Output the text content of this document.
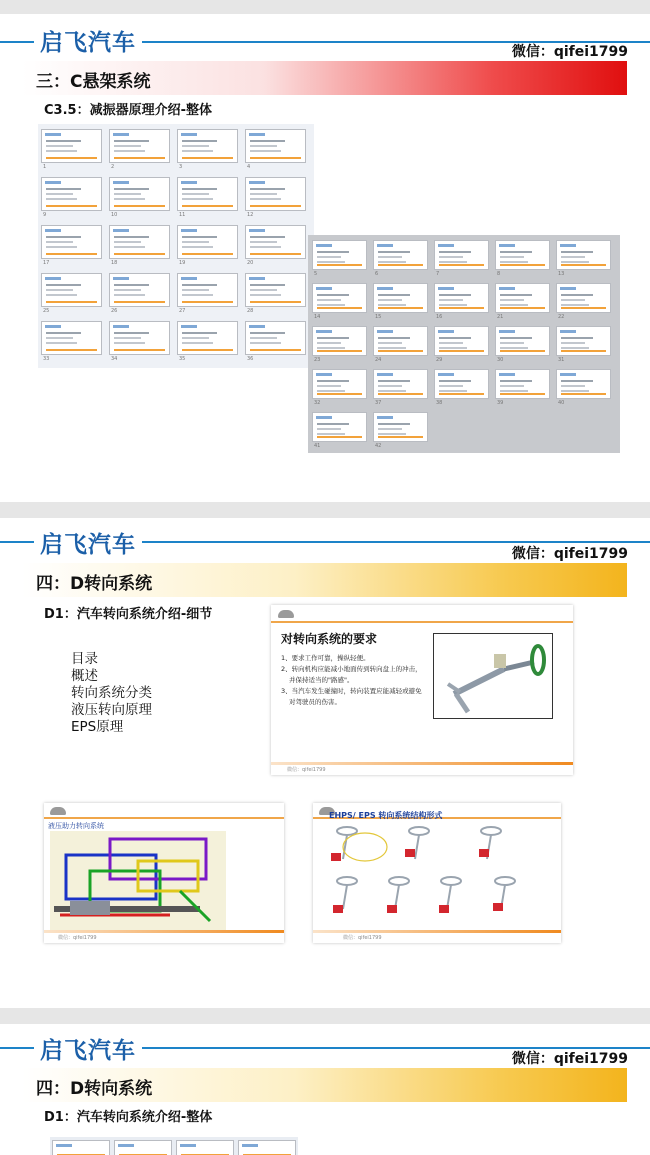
启飞汽车	微信：qifei1799
三：C悬架系统
C3.5：减振器原理介绍-整体
1	2	3	4
9	10	11	12
17	18	19	20
25	26	27	28
33	34	35	36
5	6	7	8	13
14	15	16	21	22
23	24	29	30	31
32	37	38	39	40
41	42
启飞汽车	微信：qifei1799
四：D转向系统
D1：汽车转向系统介绍-细节
目录
概述
转向系统分类
液压转向原理
EPS原理
对转向系统的要求
1、要求工作可靠，操纵轻便。
2、转向机构应能减小地面传到转向盘上的冲击，
并保持适当的"路感"。
3、当汽车发生碰撞时，转向装置应能减轻或避免
对驾驶员的伤害。
微信：qifei1799
液压助力转向系统
微信：qifei1799
EHPS/ EPS 转向系统结构形式
微信：qifei1799
启飞汽车	微信：qifei1799
四：D转向系统
D1：汽车转向系统介绍-整体
